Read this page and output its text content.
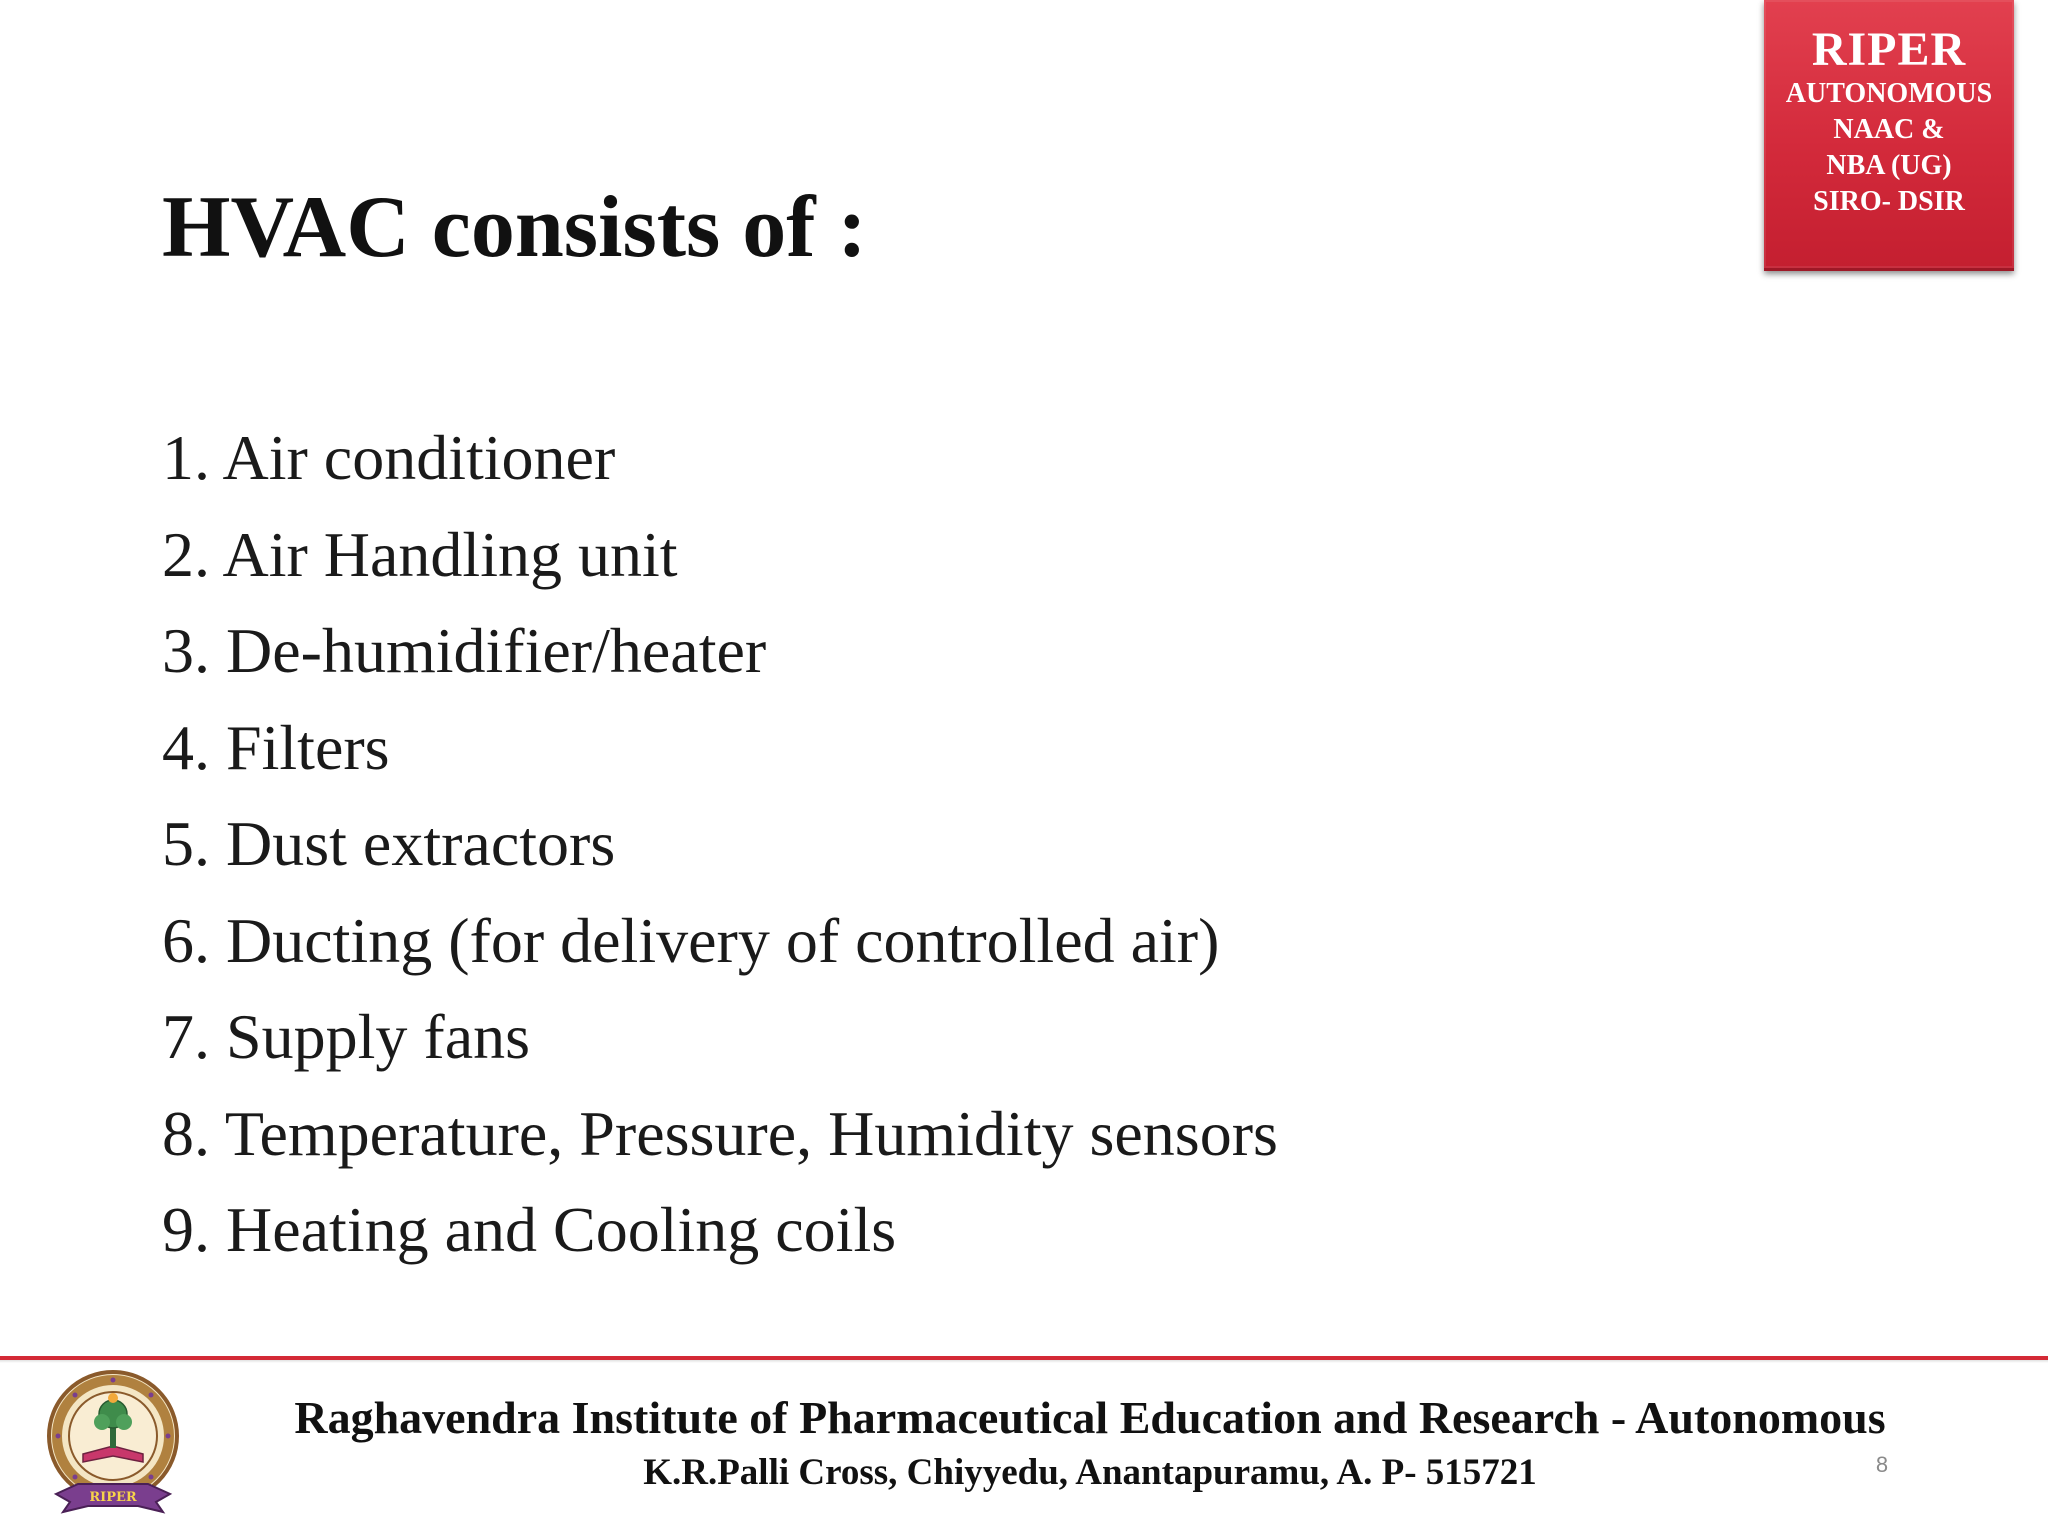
RIPER
AUTONOMOUS
NAAC &
NBA (UG)
SIRO- DSIR
HVAC consists of :
1. Air conditioner
2. Air Handling unit
3. De-humidifier/heater
4. Filters
5. Dust extractors
6. Ducting (for delivery of controlled air)
7. Supply fans
8. Temperature, Pressure, Humidity sensors
9. Heating and Cooling coils
RIPER
Raghavendra Institute of Pharmaceutical Education and Research - Autonomous
K.R.Palli Cross, Chiyyedu, Anantapuramu, A. P- 515721	8
